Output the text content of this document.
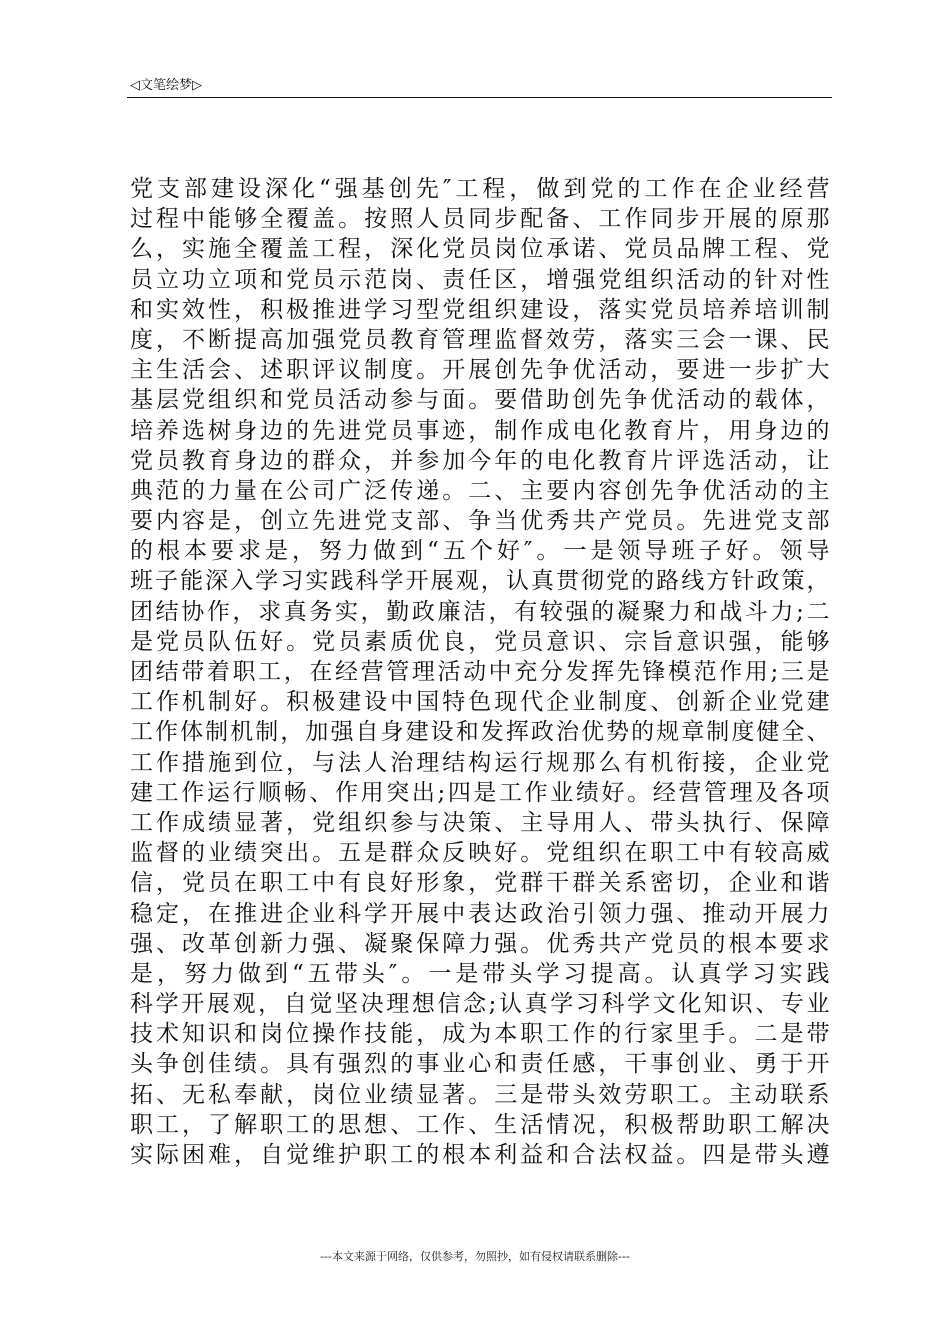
◁文笔绘梦▷
党支部建设深化“强基创先″工程，做到党的工作在企业经营
过程中能够全覆盖。按照人员同步配备、工作同步开展的原那
么，实施全覆盖工程，深化党员岗位承诺、党员品牌工程、党
员立功立项和党员示范岗、责任区，增强党组织活动的针对性
和实效性，积极推进学习型党组织建设，落实党员培养培训制
度，不断提高加强党员教育管理监督效劳，落实三会一课、民
主生活会、述职评议制度。开展创先争优活动，要进一步扩大
基层党组织和党员活动参与面。要借助创先争优活动的载体，
培养选树身边的先进党员事迹，制作成电化教育片，用身边的
党员教育身边的群众，并参加今年的电化教育片评选活动，让
典范的力量在公司广泛传递。二、主要内容创先争优活动的主
要内容是，创立先进党支部、争当优秀共产党员。先进党支部
的根本要求是，努力做到“五个好″。一是领导班子好。领导
班子能深入学习实践科学开展观，认真贯彻党的路线方针政策，
团结协作，求真务实，勤政廉洁，有较强的凝聚力和战斗力;二
是党员队伍好。党员素质优良，党员意识、宗旨意识强，能够
团结带着职工，在经营管理活动中充分发挥先锋模范作用;三是
工作机制好。积极建设中国特色现代企业制度、创新企业党建
工作体制机制，加强自身建设和发挥政治优势的规章制度健全、
工作措施到位，与法人治理结构运行规那么有机衔接，企业党
建工作运行顺畅、作用突出;四是工作业绩好。经营管理及各项
工作成绩显著，党组织参与决策、主导用人、带头执行、保障
监督的业绩突出。五是群众反映好。党组织在职工中有较高威
信，党员在职工中有良好形象，党群干群关系密切，企业和谐
稳定，在推进企业科学开展中表达政治引领力强、推动开展力
强、改革创新力强、凝聚保障力强。优秀共产党员的根本要求
是，努力做到“五带头″。一是带头学习提高。认真学习实践
科学开展观，自觉坚决理想信念;认真学习科学文化知识、专业
技术知识和岗位操作技能，成为本职工作的行家里手。二是带
头争创佳绩。具有强烈的事业心和责任感，干事创业、勇于开
拓、无私奉献，岗位业绩显著。三是带头效劳职工。主动联系
职工，了解职工的思想、工作、生活情况，积极帮助职工解决
实际困难，自觉维护职工的根本利益和合法权益。四是带头遵
---本文来源于网络，仅供参考，勿照抄，如有侵权请联系删除---
